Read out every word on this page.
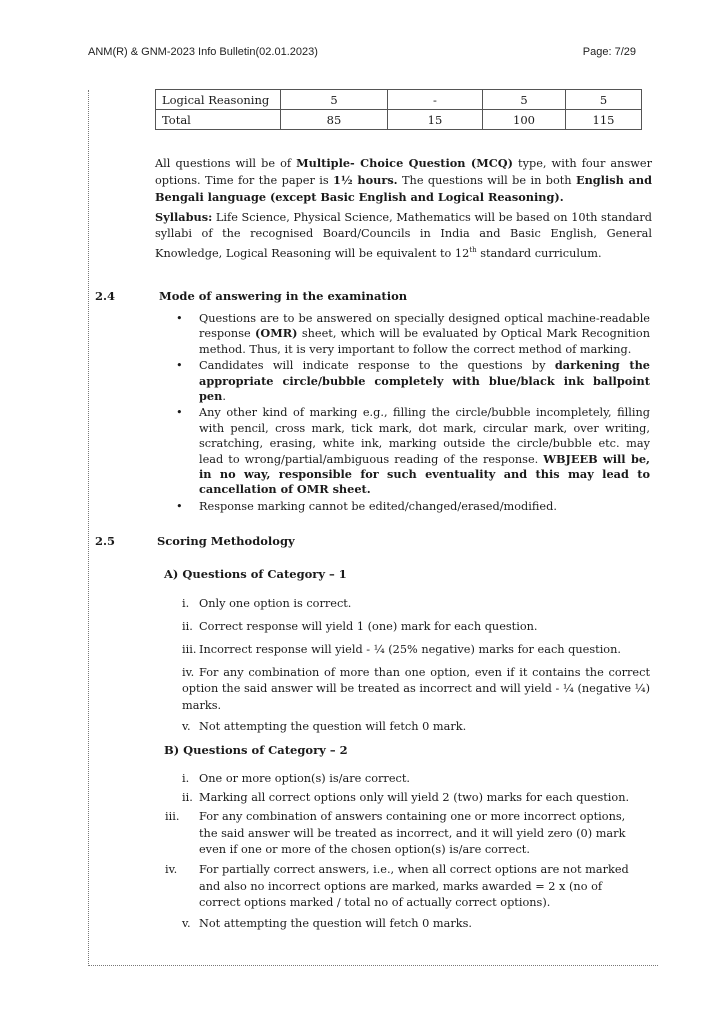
ANM(R) & GNM-2023 Info Bulletin(02.01.2023)	Page: 7/29
Logical Reasoning	5	-	5	5
Total	85	15	100	115

All questions will be of Multiple- Choice Question (MCQ) type, with four answer options. Time for the paper is 1½ hours. The questions will be in both English and Bengali language (except Basic English and Logical Reasoning).

Syllabus: Life Science, Physical Science, Mathematics will be based on 10th standard syllabi of the recognised Board/Councils in India and Basic English, General Knowledge, Logical Reasoning will be equivalent to 12th standard curriculum.

2.4	Mode of answering in the examination
• Questions are to be answered on specially designed optical machine-readable response (OMR) sheet, which will be evaluated by Optical Mark Recognition method. Thus, it is very important to follow the correct method of marking.
• Candidates will indicate response to the questions by darkening the appropriate circle/bubble completely with blue/black ink ballpoint pen.
• Any other kind of marking e.g., filling the circle/bubble incompletely, filling with pencil, cross mark, tick mark, dot mark, circular mark, over writing, scratching, erasing, white ink, marking outside the circle/bubble etc. may lead to wrong/partial/ambiguous reading of the response. WBJEEB will be, in no way, responsible for such eventuality and this may lead to cancellation of OMR sheet.
• Response marking cannot be edited/changed/erased/modified.
2.5	Scoring Methodology
A) Questions of Category – 1

i. Only one option is correct.

ii. Correct response will yield 1 (one) mark for each question.

iii. Incorrect response will yield - ¼ (25% negative) marks for each question.

iv. For any combination of more than one option, even if it contains the correct option the said answer will be treated as incorrect and will yield - ¼ (negative ¼) marks.

v. Not attempting the question will fetch 0 mark.

B) Questions of Category – 2

i. One or more option(s) is/are correct.

ii. Marking all correct options only will yield 2 (two) marks for each question.

iii. For any combination of answers containing one or more incorrect options, the said answer will be treated as incorrect, and it will yield zero (0) mark even if one or more of the chosen option(s) is/are correct.

iv. For partially correct answers, i.e., when all correct options are not marked and also no incorrect options are marked, marks awarded = 2 x (no of correct options marked / total no of actually correct options).

v. Not attempting the question will fetch 0 marks.
